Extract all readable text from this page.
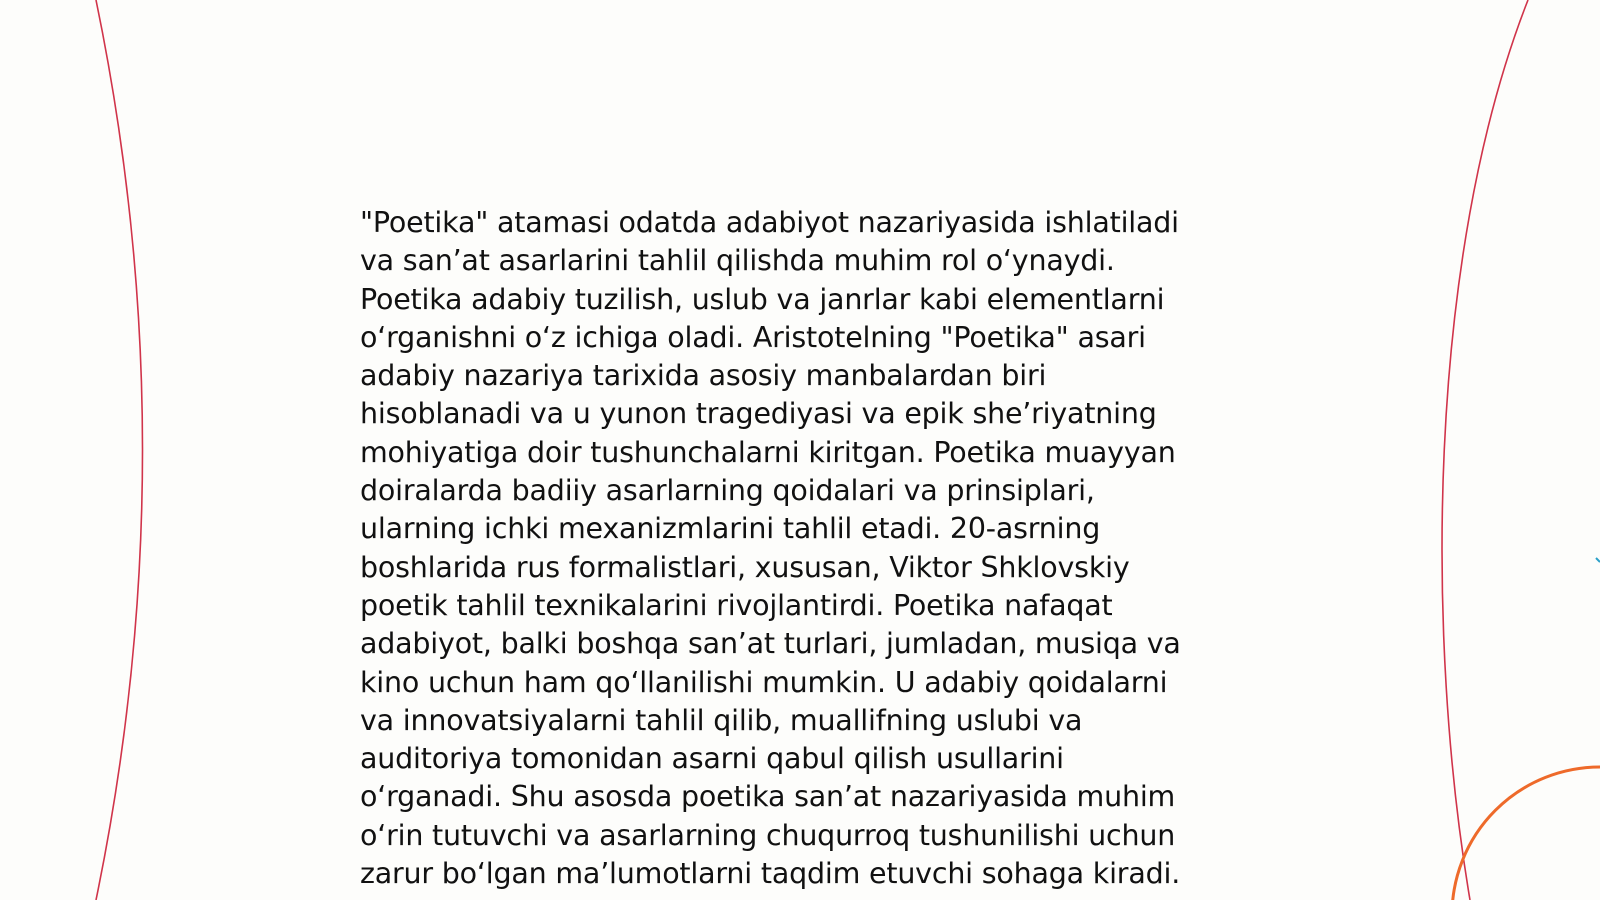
"Poetika" atamasi odatda adabiyot nazariyasida ishlatiladi
va san’at asarlarini tahlil qilishda muhim rol o‘ynaydi.
Poetika adabiy tuzilish, uslub va janrlar kabi elementlarni
o‘rganishni o‘z ichiga oladi. Aristotelning "Poetika" asari
adabiy nazariya tarixida asosiy manbalardan biri
hisoblanadi va u yunon tragediyasi va epik she’riyatning
mohiyatiga doir tushunchalarni kiritgan. Poetika muayyan
doiralarda badiiy asarlarning qoidalari va prinsiplari,
ularning ichki mexanizmlarini tahlil etadi. 20-asrning
boshlarida rus formalistlari, xususan, Viktor Shklovskiy
poetik tahlil texnikalarini rivojlantirdi. Poetika nafaqat
adabiyot, balki boshqa san’at turlari, jumladan, musiqa va
kino uchun ham qo‘llanilishi mumkin. U adabiy qoidalarni
va innovatsiyalarni tahlil qilib, muallifning uslubi va
auditoriya tomonidan asarni qabul qilish usullarini
o‘rganadi. Shu asosda poetika san’at nazariyasida muhim
o‘rin tutuvchi va asarlarning chuqurroq tushunilishi uchun
zarur bo‘lgan ma’lumotlarni taqdim etuvchi sohaga kiradi.
